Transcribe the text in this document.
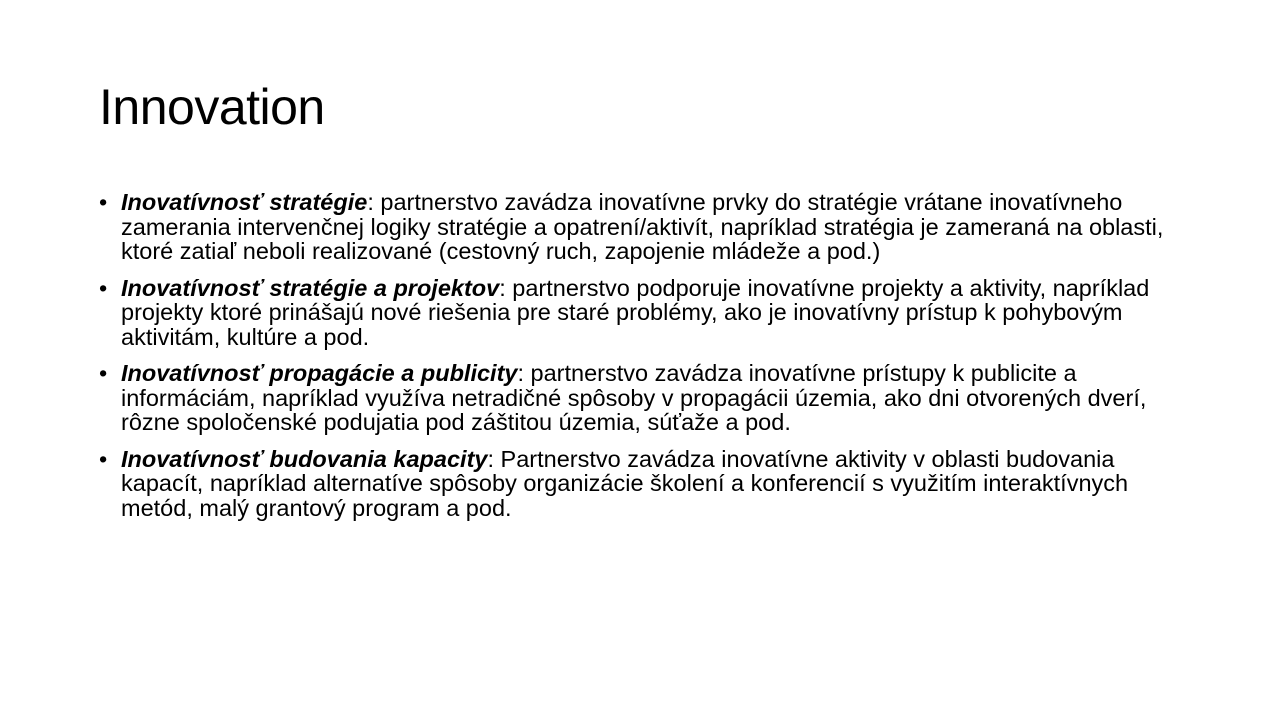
Innovation
• Inovatívnosť stratégie: partnerstvo zavádza inovatívne prvky do stratégie vrátane inovatívneho zamerania intervenčnej logiky stratégie a opatrení/aktivít, napríklad stratégia je zameraná na oblasti, ktoré zatiaľ neboli realizované (cestovný ruch, zapojenie mládeže a pod.)
• Inovatívnosť stratégie a projektov: partnerstvo podporuje inovatívne projekty a aktivity, napríklad projekty ktoré prinášajú nové riešenia pre staré problémy, ako je inovatívny prístup k pohybovým aktivitám, kultúre a pod.
• Inovatívnosť propagácie a publicity: partnerstvo zavádza inovatívne prístupy k publicite a informáciám, napríklad využíva netradičné spôsoby v propagácii územia, ako dni otvorených dverí, rôzne spoločenské podujatia pod záštitou územia, súťaže a pod.
• Inovatívnosť budovania kapacity: Partnerstvo zavádza inovatívne aktivity v oblasti budovania kapacít, napríklad alternatíve spôsoby organizácie školení a konferencií s využitím interaktívnych metód, malý grantový program a pod.
